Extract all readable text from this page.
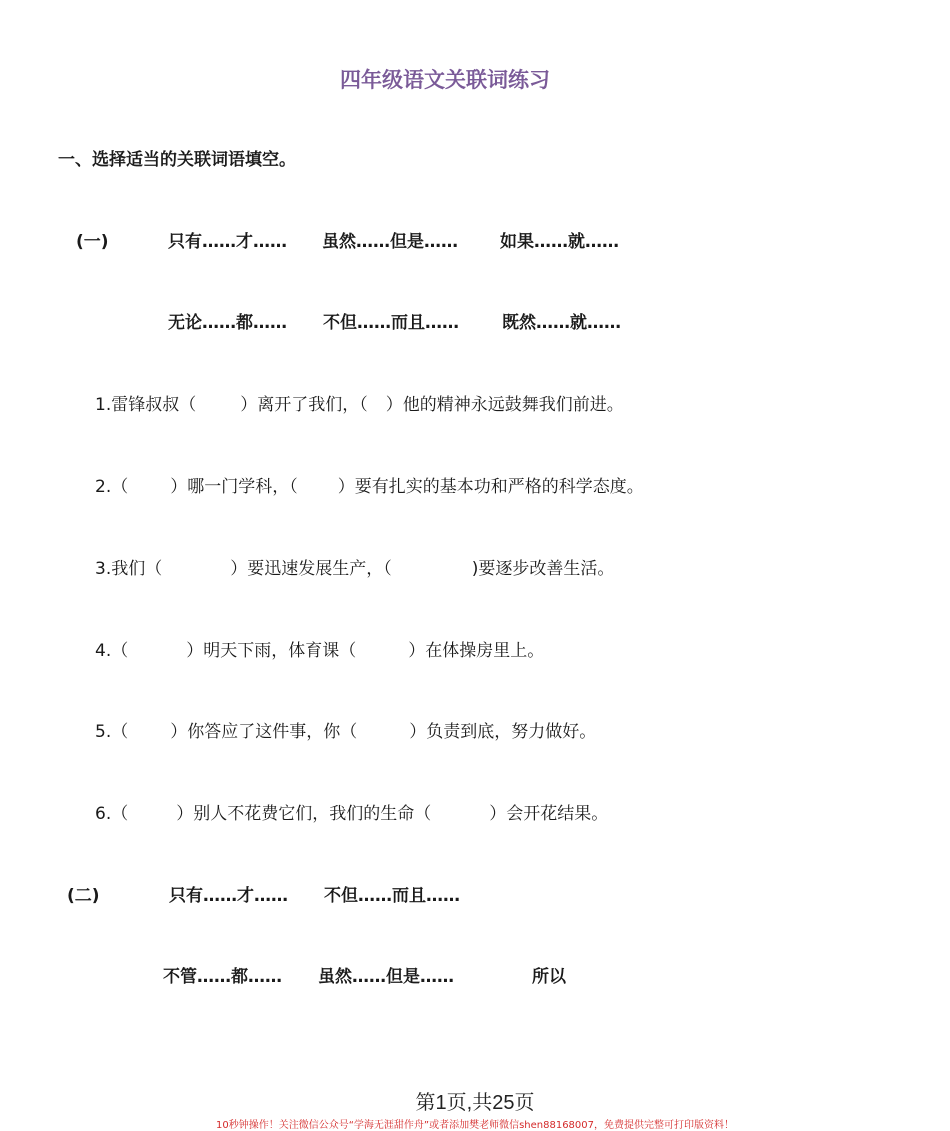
四年级语文关联词练习
一、选择适当的关联词语填空。
(一)	只有……才…… 虽然……但是…… 如果……就……
无论……都…… 不但……而且……	既然……就……
1.雷锋叔叔（	）离开了我们，（ ）他的精神永远鼓舞我们前进。
2.（ ）哪一门学科，（ ）要有扎实的基本功和严格的科学态度。
3.我们（	）要迅速发展生产，（	)要逐步改善生活。
4.（	）明天下雨，体育课（	）在体操房里上。
5.（ ）你答应了这件事，你（	）负责到底，努力做好。
6.（	）别人不花费它们，我们的生命（	）会开花结果。
(二)	只有……才…… 不但……而且……
不管……都…… 虽然……但是……	所以
第1页,共25页
10秒钟操作！关注微信公众号“学海无涯甜作舟”或者添加樊老师微信shen88168007，免费提供完整可打印版资料！
